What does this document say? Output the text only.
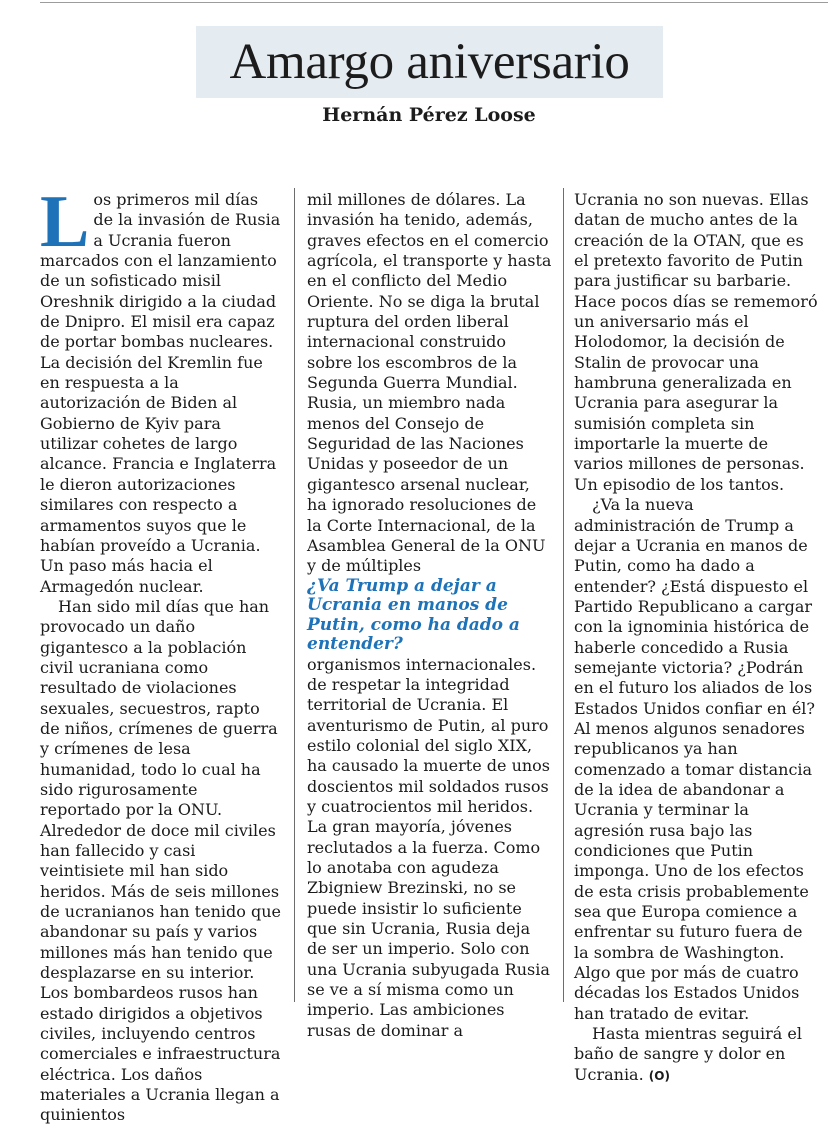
Amargo aniversario
Hernán Pérez Loose

Los primeros mil días de la invasión de Rusia a Ucrania fueron marcados con el lanzamiento de un sofisticado misil Oreshnik dirigido a la ciudad de Dnipro. El misil era capaz de portar bombas nucleares. La decisión del Kremlin fue en respuesta a la autorización de Biden al Gobierno de Kyiv para utilizar cohetes de largo alcance. Francia e Inglaterra le dieron autorizaciones similares con respecto a armamentos suyos que le habían proveído a Ucrania. Un paso más hacia el Armagedón nuclear.

Han sido mil días que han provocado un daño gigantesco a la población civil ucraniana como resultado de violaciones sexuales, secuestros, rapto de niños, crímenes de guerra y crímenes de lesa humanidad, todo lo cual ha sido rigurosamente reportado por la ONU. Alrededor de doce mil civiles han fallecido y casi veintisiete mil han sido heridos. Más de seis millones de ucranianos han tenido que abandonar su país y varios millones más han tenido que desplazarse en su interior. Los bombardeos rusos han estado dirigidos a objetivos civiles, incluyendo centros comerciales e infraestructura eléctrica. Los daños materiales a Ucrania llegan a quinientos

mil millones de dólares. La invasión ha tenido, además, graves efectos en el comercio agrícola, el transporte y hasta en el conflicto del Medio Oriente. No se diga la brutal ruptura del orden liberal internacional construido sobre los escombros de la Segunda Guerra Mundial. Rusia, un miembro nada menos del Consejo de Seguridad de las Naciones Unidas y poseedor de un gigantesco arsenal nuclear, ha ignorado resoluciones de la Corte Internacional, de la Asamblea General de la ONU y de múltiples

¿Va Trump a dejar a Ucrania en manos de Putin, como ha dado a entender?

organismos internacionales. de respetar la integridad territorial de Ucrania. El aventurismo de Putin, al puro estilo colonial del siglo XIX, ha causado la muerte de unos doscientos mil soldados rusos y cuatrocientos mil heridos. La gran mayoría, jóvenes reclutados a la fuerza. Como lo anotaba con agudeza Zbigniew Brezinski, no se puede insistir lo suficiente que sin Ucrania, Rusia deja de ser un imperio. Solo con una Ucrania subyugada Rusia se ve a sí misma como un imperio. Las ambiciones rusas de dominar a

Ucrania no son nuevas. Ellas datan de mucho antes de la creación de la OTAN, que es el pretexto favorito de Putin para justificar su barbarie. Hace pocos días se rememoró un aniversario más el Holodomor, la decisión de Stalin de provocar una hambruna generalizada en Ucrania para asegurar la sumisión completa sin importarle la muerte de varios millones de personas. Un episodio de los tantos.

¿Va la nueva administración de Trump a dejar a Ucrania en manos de Putin, como ha dado a entender? ¿Está dispuesto el Partido Republicano a cargar con la ignominia histórica de haberle concedido a Rusia semejante victoria? ¿Podrán en el futuro los aliados de los Estados Unidos confiar en él? Al menos algunos senadores republicanos ya han comenzado a tomar distancia de la idea de abandonar a Ucrania y terminar la agresión rusa bajo las condiciones que Putin imponga. Uno de los efectos de esta crisis probablemente sea que Europa comience a enfrentar su futuro fuera de la sombra de Washington. Algo que por más de cuatro décadas los Estados Unidos han tratado de evitar.

Hasta mientras seguirá el baño de sangre y dolor en Ucrania. (O)
